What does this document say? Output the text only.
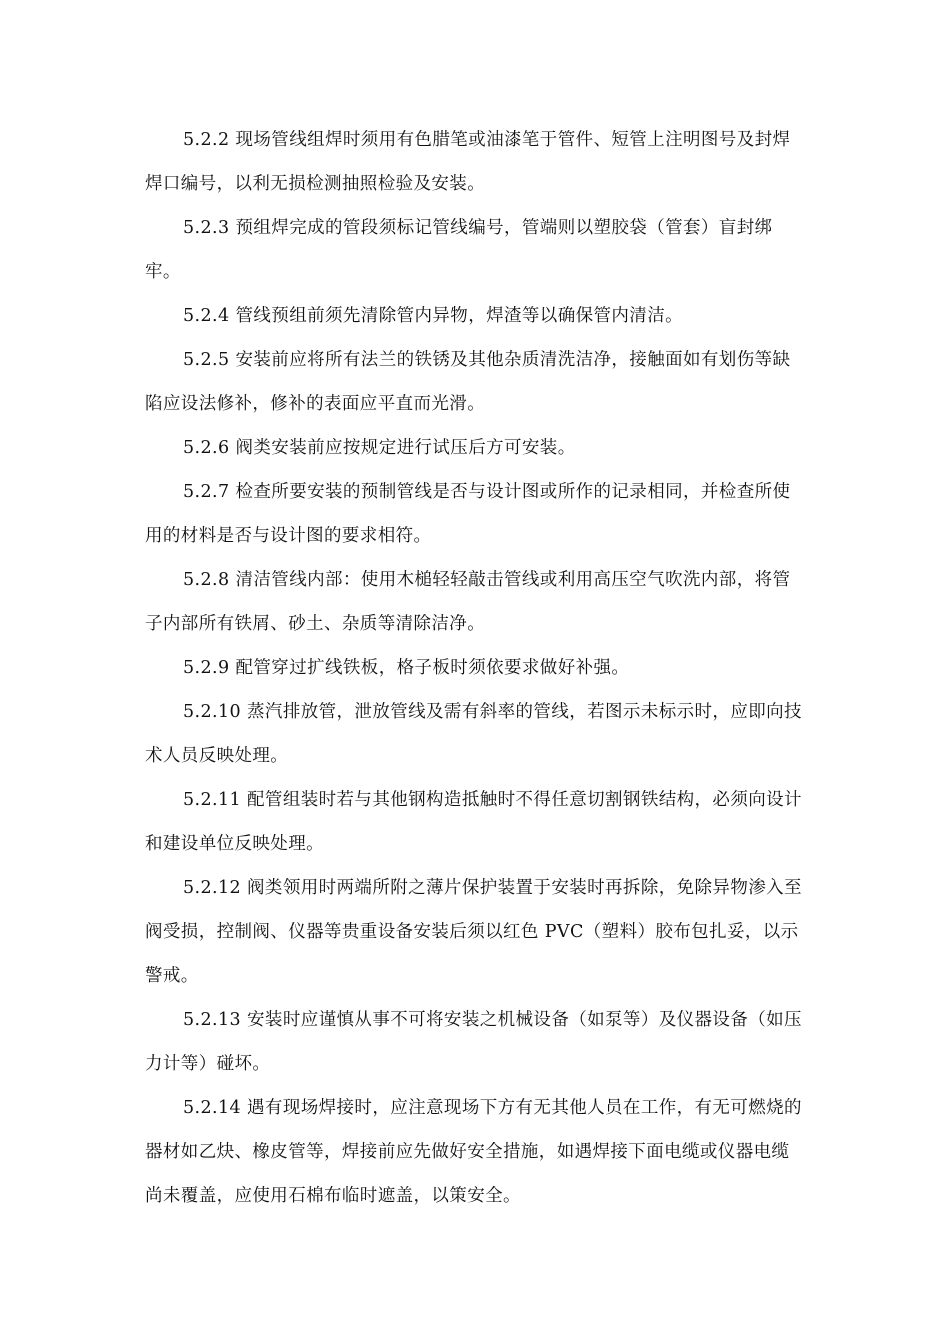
5.2.2 现场管线组焊时须用有色腊笔或油漆笔于管件、短管上注明图号及封焊焊口编号，以利无损检测抽照检验及安装。

5.2.3 预组焊完成的管段须标记管线编号，管端则以塑胶袋（管套）盲封绑牢。

5.2.4 管线预组前须先清除管内异物，焊渣等以确保管内清洁。

5.2.5 安装前应将所有法兰的铁锈及其他杂质清洗洁净，接触面如有划伤等缺陷应设法修补，修补的表面应平直而光滑。

5.2.6 阀类安装前应按规定进行试压后方可安装。

5.2.7 检查所要安装的预制管线是否与设计图或所作的记录相同，并检查所使用的材料是否与设计图的要求相符。

5.2.8 清洁管线内部：使用木槌轻轻敲击管线或利用高压空气吹洗内部，将管子内部所有铁屑、砂土、杂质等清除洁净。

5.2.9 配管穿过扩线铁板，格子板时须依要求做好补强。

5.2.10 蒸汽排放管，泄放管线及需有斜率的管线，若图示未标示时，应即向技术人员反映处理。

5.2.11 配管组装时若与其他钢构造抵触时不得任意切割钢铁结构，必须向设计和建设单位反映处理。

5.2.12 阀类领用时两端所附之薄片保护装置于安装时再拆除，免除异物渗入至阀受损，控制阀、仪器等贵重设备安装后须以红色 PVC（塑料）胶布包扎妥，以示警戒。

5.2.13 安装时应谨慎从事不可将安装之机械设备（如泵等）及仪器设备（如压力计等）碰坏。

5.2.14 遇有现场焊接时，应注意现场下方有无其他人员在工作，有无可燃烧的器材如乙炔、橡皮管等，焊接前应先做好安全措施，如遇焊接下面电缆或仪器电缆尚未覆盖，应使用石棉布临时遮盖，以策安全。
